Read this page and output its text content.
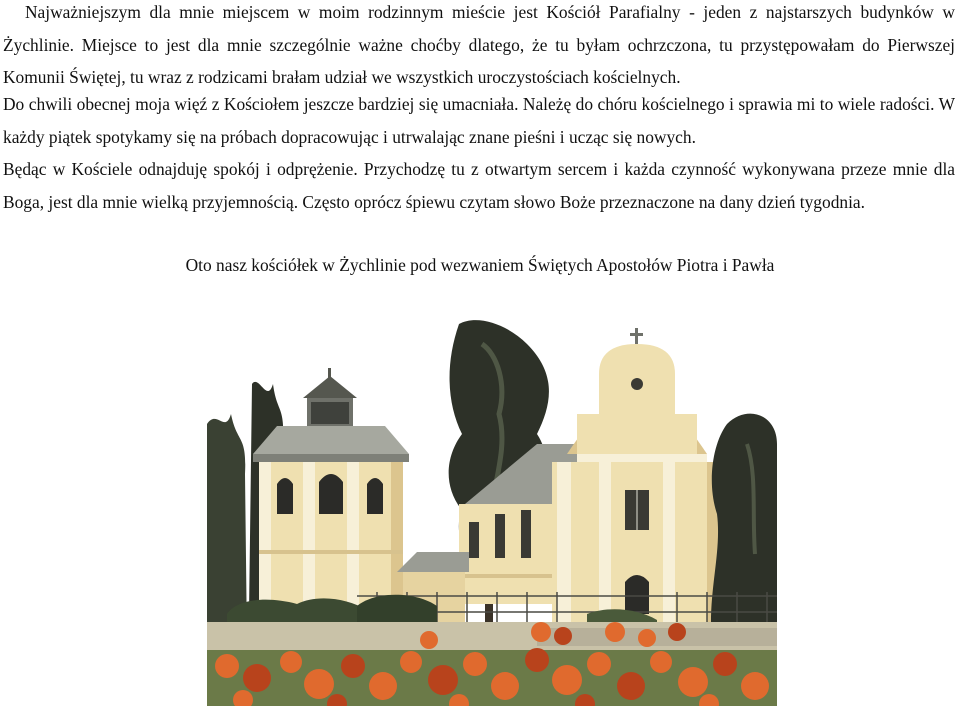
Najważniejszym dla mnie miejscem w moim rodzinnym mieście jest Kościół Parafialny - jeden z najstarszych budynków w Żychlinie. Miejsce to jest dla mnie szczególnie ważne choćby dlatego, że tu byłam ochrzczona, tu przystępowałam do Pierwszej Komunii Świętej, tu wraz z rodzicami brałam udział we wszystkich uroczystościach kościelnych.

Do chwili obecnej moja więź z Kościołem jeszcze bardziej się umacniała. Należę do chóru kościelnego i sprawia mi to wiele radości. W każdy piątek spotykamy się na próbach dopracowując i utrwalając znane pieśni i ucząc się nowych.

Będąc w Kościele odnajduję spokój i odprężenie. Przychodzę tu z otwartym sercem i każda czynność wykonywana przeze mnie dla Boga, jest dla mnie wielką przyjemnością. Często oprócz śpiewu czytam słowo Boże przeznaczone na dany dzień tygodnia.

Oto nasz kościółek w Żychlinie pod wezwaniem Świętych Apostołów Piotra i Pawła
